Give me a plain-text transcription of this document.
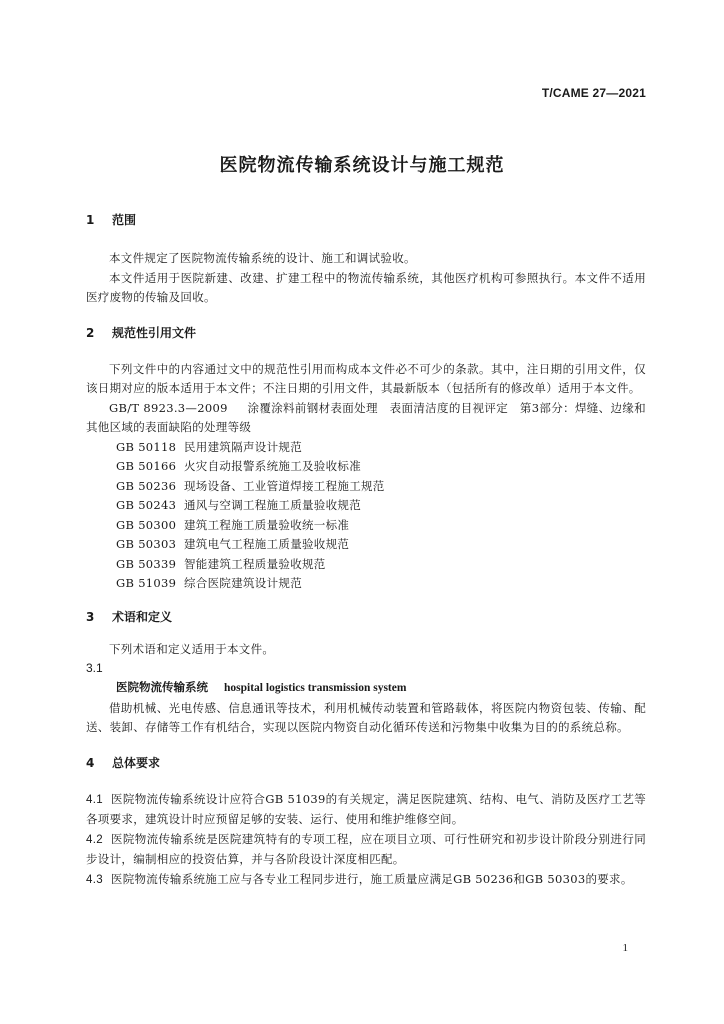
T/CAME 27—2021
医院物流传输系统设计与施工规范
1	范围
本文件规定了医院物流传输系统的设计、施工和调试验收。
本文件适用于医院新建、改建、扩建工程中的物流传输系统，其他医疗机构可参照执行。本文件不适用医疗废物的传输及回收。
2	规范性引用文件
下列文件中的内容通过文中的规范性引用而构成本文件必不可少的条款。其中，注日期的引用文件，仅该日期对应的版本适用于本文件；不注日期的引用文件，其最新版本（包括所有的修改单）适用于本文件。
GB/T 8923.3—2009 　 涂覆涂料前钢材表面处理　表面清洁度的目视评定　第3部分：焊缝、边缘和其他区域的表面缺陷的处理等级
GB 50118 民用建筑隔声设计规范
GB 50166 火灾自动报警系统施工及验收标准
GB 50236 现场设备、工业管道焊接工程施工规范
GB 50243 通风与空调工程施工质量验收规范
GB 50300 建筑工程施工质量验收统一标准
GB 50303 建筑电气工程施工质量验收规范
GB 50339 智能建筑工程质量验收规范
GB 51039 综合医院建筑设计规范
3	术语和定义
下列术语和定义适用于本文件。
3.1
医院物流传输系统 hospital logistics transmission system
借助机械、光电传感、信息通讯等技术，利用机械传动装置和管路载体，将医院内物资包装、传输、配送、装卸、存储等工作有机结合，实现以医院内物资自动化循环传送和污物集中收集为目的的系统总称。
4	总体要求
4.1 医院物流传输系统设计应符合GB 51039的有关规定，满足医院建筑、结构、电气、消防及医疗工艺等各项要求，建筑设计时应预留足够的安装、运行、使用和维护维修空间。
4.2 医院物流传输系统是医院建筑特有的专项工程，应在项目立项、可行性研究和初步设计阶段分别进行同步设计，编制相应的投资估算，并与各阶段设计深度相匹配。
4.3 医院物流传输系统施工应与各专业工程同步进行，施工质量应满足GB 50236和GB 50303的要求。
1
